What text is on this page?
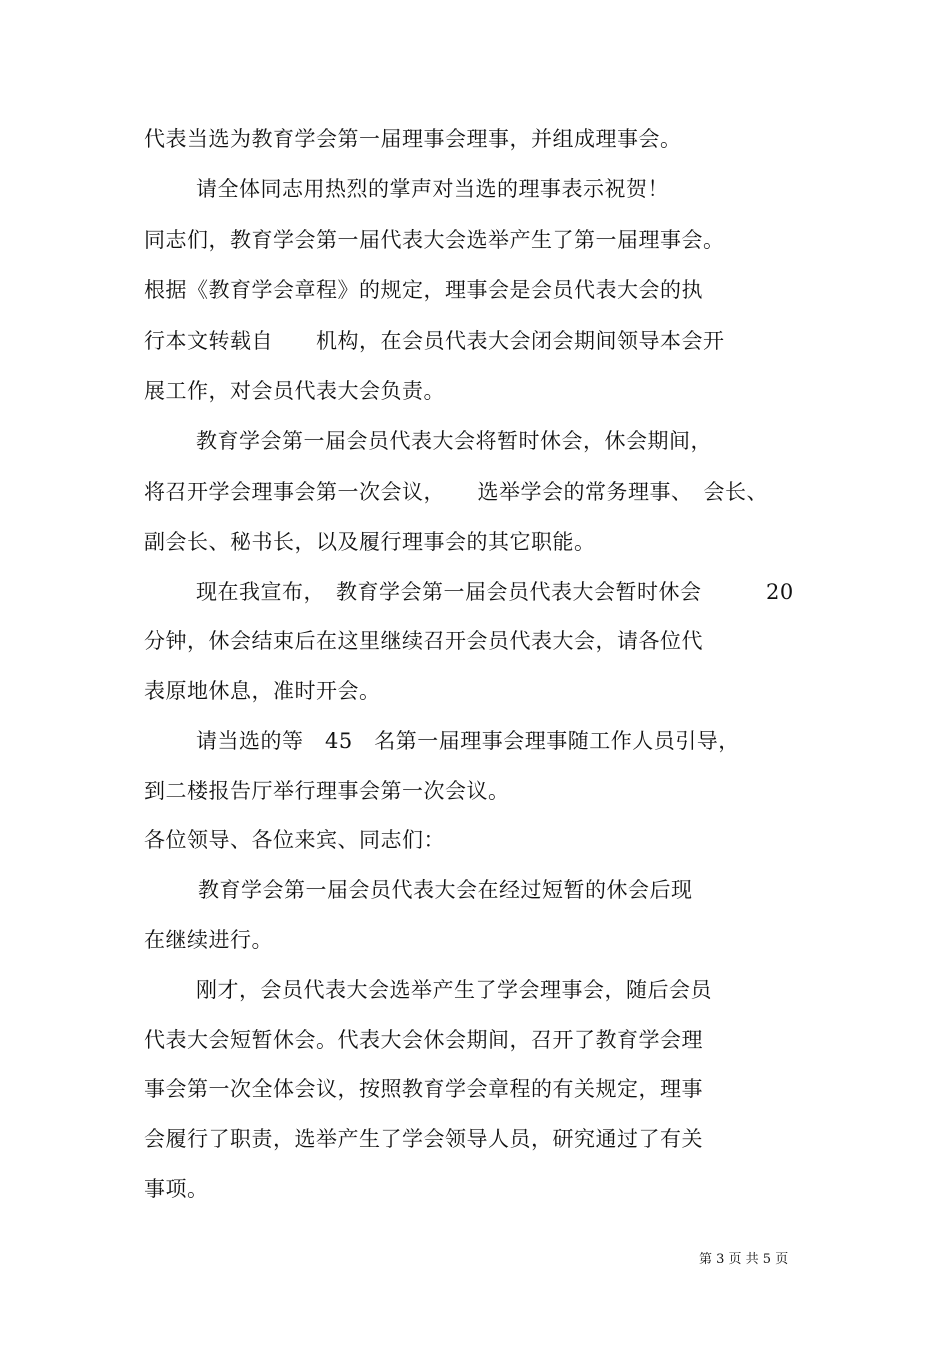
代表当选为教育学会第一届理事会理事，并组成理事会。
请全体同志用热烈的掌声对当选的理事表示祝贺！
同志们，教育学会第一届代表大会选举产生了第一届理事会。
根据《教育学会章程》的规定，理事会是会员代表大会的执
行本文转载自　　机构，在会员代表大会闭会期间领导本会开
展工作，对会员代表大会负责。
教育学会第一届会员代表大会将暂时休会，休会期间，
将召开学会理事会第一次会议，　　选举学会的常务理事、　会长、
副会长、秘书长，以及履行理事会的其它职能。
现在我宣布，　教育学会第一届会员代表大会暂时休会　　　20
分钟，休会结束后在这里继续召开会员代表大会，请各位代
表原地休息，准时开会。
请当选的等　45　名第一届理事会理事随工作人员引导，
到二楼报告厅举行理事会第一次会议。
各位领导、各位来宾、同志们：
教育学会第一届会员代表大会在经过短暂的休会后现
在继续进行。
刚才，会员代表大会选举产生了学会理事会，随后会员
代表大会短暂休会。代表大会休会期间，召开了教育学会理
事会第一次全体会议，按照教育学会章程的有关规定，理事
会履行了职责，选举产生了学会领导人员，研究通过了有关
事项。
第 3 页 共 5 页
